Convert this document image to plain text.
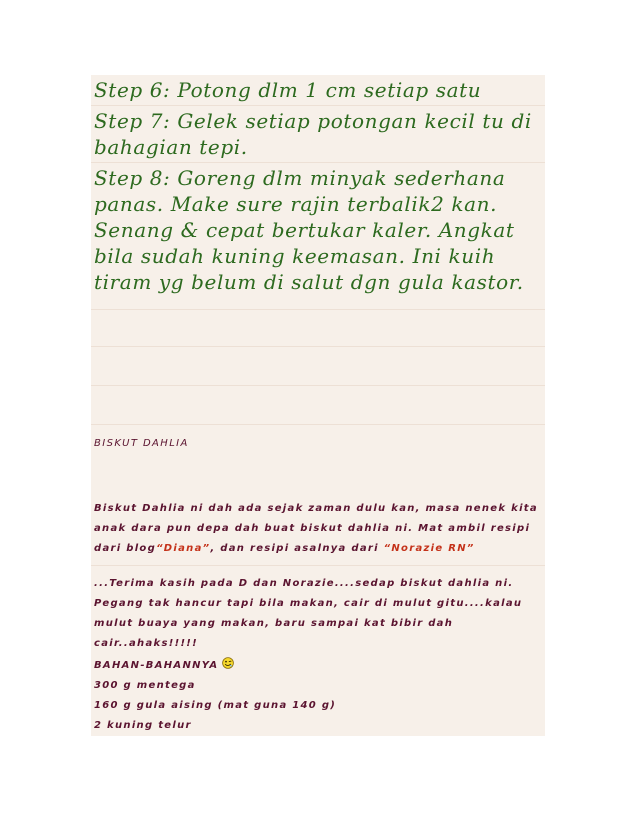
Step 6: Potong dlm 1 cm setiap satu
Step 7: Gelek setiap potongan kecil tu di bahagian tepi.
Step 8: Goreng dlm minyak sederhana panas. Make sure rajin terbalik2 kan. Senang & cepat bertukar kaler. Angkat bila sudah kuning keemasan. Ini kuih tiram yg belum di salut dgn gula kastor.
BISKUT DAHLIA
Biskut Dahlia ni dah ada sejak zaman dulu kan, masa nenek kita anak dara pun depa dah buat biskut dahlia ni. Mat ambil resipi dari blog“Diana”, dan resipi asalnya dari “Norazie RN”
...Terima kasih pada D dan Norazie....sedap biskut dahlia ni. Pegang tak hancur tapi bila makan, cair di mulut gitu....kalau mulut buaya yang makan, baru sampai kat bibir dah cair..ahaks!!!!!
BAHAN-BAHANNYA
300 g mentega
160 g gula aising (mat guna 140 g)
2 kuning telur
